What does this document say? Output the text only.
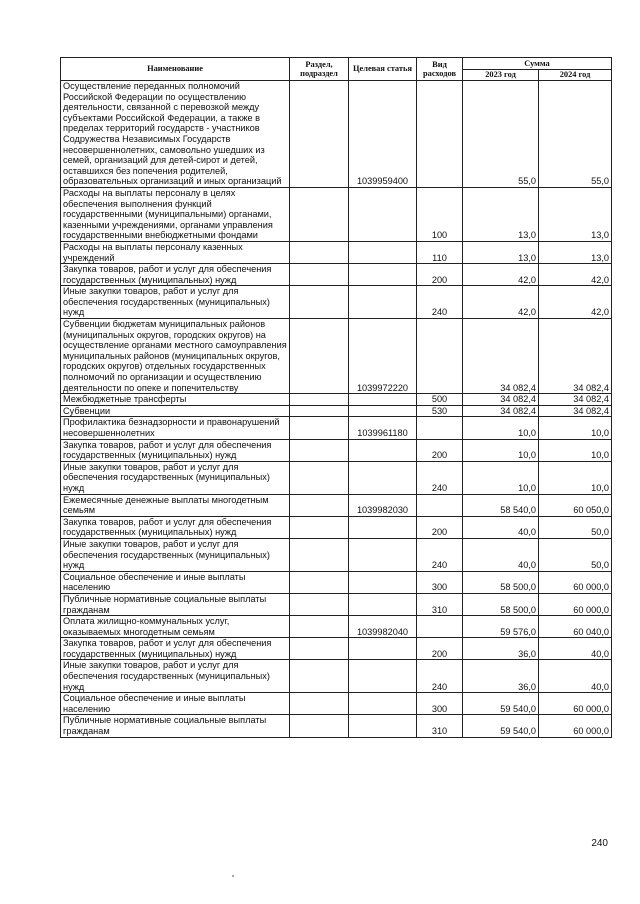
Наименование	Раздел, подраздел	Целевая статья	Вид расходов	Сумма	
				2023 год	2024 год
Осуществление переданных полномочий Российской Федерации по осуществлению деятельности, связанной с перевозкой между субъектами Российской Федерации, а также в пределах территорий государств - участников Содружества Независимых Государств несовершеннолетних, самовольно ушедших из семей, организаций для детей-сирот и детей, оставшихся без попечения родителей, образовательных организаций и иных организаций		1039959400		55,0	55,0
Расходы на выплаты персоналу в целях обеспечения выполнения функций государственными (муниципальными) органами, казенными учреждениями, органами управления государственными внебюджетными фондами			100	13,0	13,0
Расходы на выплаты персоналу казенных учреждений			110	13,0	13,0
Закупка товаров, работ и услуг для обеспечения государственных (муниципальных) нужд			200	42,0	42,0
Иные закупки товаров, работ и услуг для обеспечения государственных (муниципальных) нужд			240	42,0	42,0
Субвенции бюджетам муниципальных районов (муниципальных округов, городских округов) на осуществление органами местного самоуправления муниципальных районов (муниципальных округов, городских округов) отдельных государственных полномочий по организации и осуществлению деятельности по опеке и попечительству		1039972220		34 082,4	34 082,4
Межбюджетные трансферты			500	34 082,4	34 082,4
Субвенции			530	34 082,4	34 082,4
Профилактика безнадзорности и правонарушений несовершеннолетних		1039961180		10,0	10,0
Закупка товаров, работ и услуг для обеспечения государственных (муниципальных) нужд			200	10,0	10,0
Иные закупки товаров, работ и услуг для обеспечения государственных (муниципальных) нужд			240	10,0	10,0
Ежемесячные денежные выплаты многодетным семьям		1039982030		58 540,0	60 050,0
Закупка товаров, работ и услуг для обеспечения государственных (муниципальных) нужд			200	40,0	50,0
Иные закупки товаров, работ и услуг для обеспечения государственных (муниципальных) нужд			240	40,0	50,0
Социальное обеспечение и иные выплаты населению			300	58 500,0	60 000,0
Публичные нормативные социальные выплаты гражданам			310	58 500,0	60 000,0
Оплата жилищно-коммунальных услуг, оказываемых многодетным семьям		1039982040		59 576,0	60 040,0
Закупка товаров, работ и услуг для обеспечения государственных (муниципальных) нужд			200	36,0	40,0
Иные закупки товаров, работ и услуг для обеспечения государственных (муниципальных) нужд			240	36,0	40,0
Социальное обеспечение и иные выплаты населению			300	59 540,0	60 000,0
Публичные нормативные социальные выплаты гражданам			310	59 540,0	60 000,0
240
